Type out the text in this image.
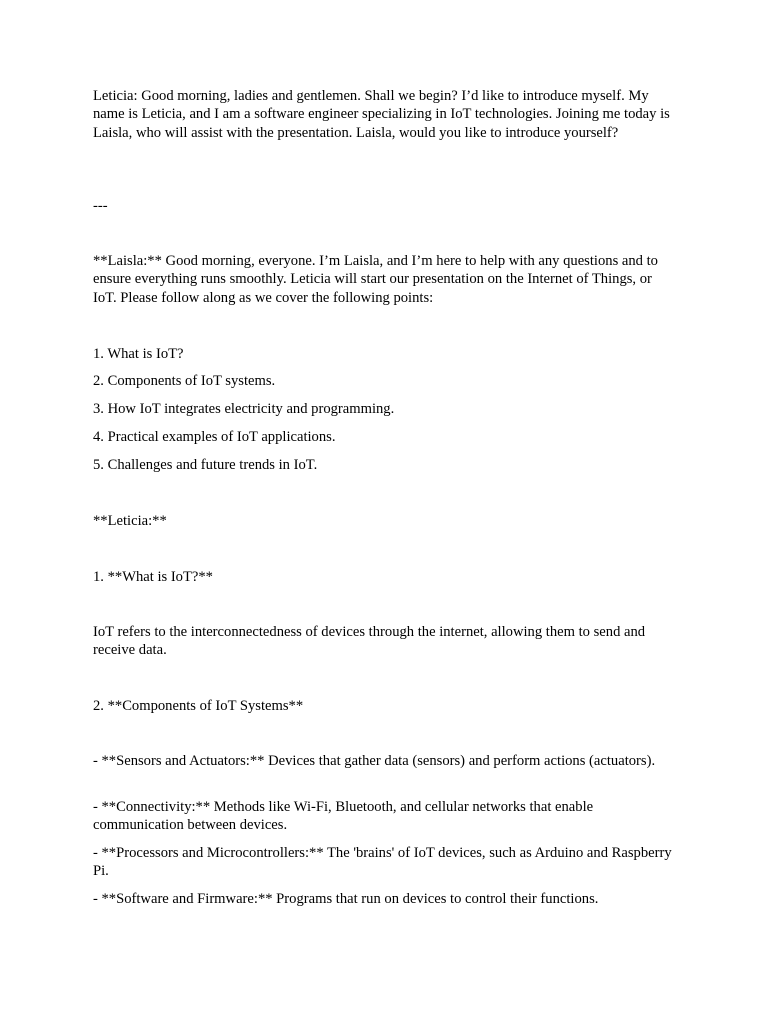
Leticia: Good morning, ladies and gentlemen. Shall we begin? I’d like to introduce myself. My name is Leticia, and I am a software engineer specializing in IoT technologies. Joining me today is Laisla, who will assist with the presentation. Laisla, would you like to introduce yourself?

---

**Laisla:** Good morning, everyone. I’m Laisla, and I’m here to help with any questions and to ensure everything runs smoothly. Leticia will start our presentation on the Internet of Things, or IoT. Please follow along as we cover the following points:

1. What is IoT?

2. Components of IoT systems.

3. How IoT integrates electricity and programming.

4. Practical examples of IoT applications.

5. Challenges and future trends in IoT.

**Leticia:**

1. **What is IoT?**

IoT refers to the interconnectedness of devices through the internet, allowing them to send and receive data.

2. **Components of IoT Systems**

- **Sensors and Actuators:** Devices that gather data (sensors) and perform actions (actuators).

- **Connectivity:** Methods like Wi-Fi, Bluetooth, and cellular networks that enable communication between devices.

- **Processors and Microcontrollers:** The 'brains' of IoT devices, such as Arduino and Raspberry Pi.

- **Software and Firmware:** Programs that run on devices to control their functions.
